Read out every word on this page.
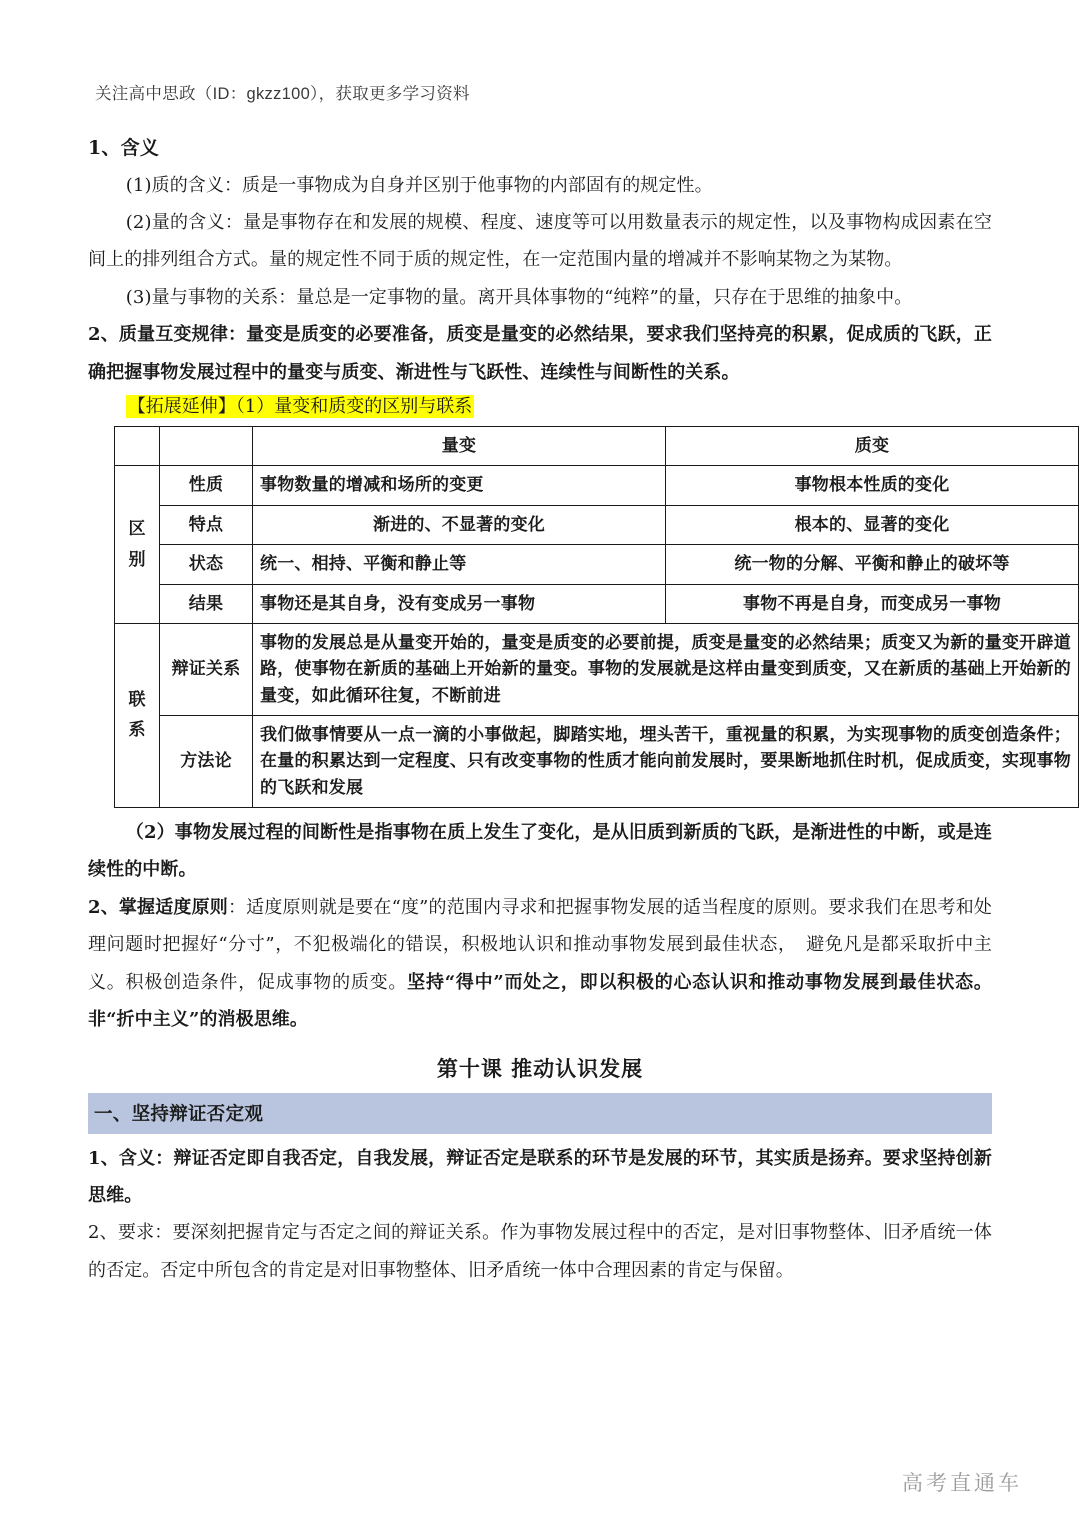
关注高中思政（ID：gkzz100），获取更多学习资料
1、含义

(1)质的含义：质是一事物成为自身并区别于他事物的内部固有的规定性。

(2)量的含义：量是事物存在和发展的规模、程度、速度等可以用数量表示的规定性，以及事物构成因素在空间上的排列组合方式。量的规定性不同于质的规定性，在一定范围内量的增减并不影响某物之为某物。

(3)量与事物的关系：量总是一定事物的量。离开具体事物的“纯粹”的量，只存在于思维的抽象中。

2、质量互变规律：量变是质变的必要准备，质变是量变的必然结果，要求我们坚持亮的积累，促成质的飞跃，正确把握事物发展过程中的量变与质变、渐进性与飞跃性、连续性与间断性的关系。

【拓展延伸】（1）量变和质变的区别与联系
		量变	质变

区别	性质	事物数量的增减和场所的变更	事物根本性质的变化
	特点	渐进的、不显著的变化	根本的、显著的变化
	状态	统一、相持、平衡和静止等	统一物的分解、平衡和静止的破坏等
	结果	事物还是其自身，没有变成另一事物	事物不再是自身，而变成另一事物

联系	辩证关系	事物的发展总是从量变开始的，量变是质变的必要前提，质变是量变的必然结果；质变又为新的量变开辟道路，使事物在新质的基础上开始新的量变。事物的发展就是这样由量变到质变，又在新质的基础上开始新的量变，如此循环往复，不断前进	
	方法论	我们做事情要从一点一滴的小事做起，脚踏实地，埋头苦干，重视量的积累，为实现事物的质变创造条件；在量的积累达到一定程度、只有改变事物的性质才能向前发展时，要果断地抓住时机，促成质变，实现事物的飞跃和发展	

（2）事物发展过程的间断性是指事物在质上发生了变化，是从旧质到新质的飞跃，是渐进性的中断，或是连续性的中断。

2、掌握适度原则：适度原则就是要在“度”的范围内寻求和把握事物发展的适当程度的原则。要求我们在思考和处理问题时把握好“分寸”，不犯极端化的错误，积极地认识和推动事物发展到最佳状态，　避免凡是都采取折中主义。积极创造条件，促成事物的质变。坚持“得中”而处之，即以积极的心态认识和推动事物发展到最佳状态。非“折中主义”的消极思维。

第十课 推动认识发展
一、坚持辩证否定观

1、含义：辩证否定即自我否定，自我发展，辩证否定是联系的环节是发展的环节，其实质是扬弃。要求坚持创新思维。

2、要求：要深刻把握肯定与否定之间的辩证关系。作为事物发展过程中的否定，是对旧事物整体、旧矛盾统一体的否定。否定中所包含的肯定是对旧事物整体、旧矛盾统一体中合理因素的肯定与保留。

高考直通车
